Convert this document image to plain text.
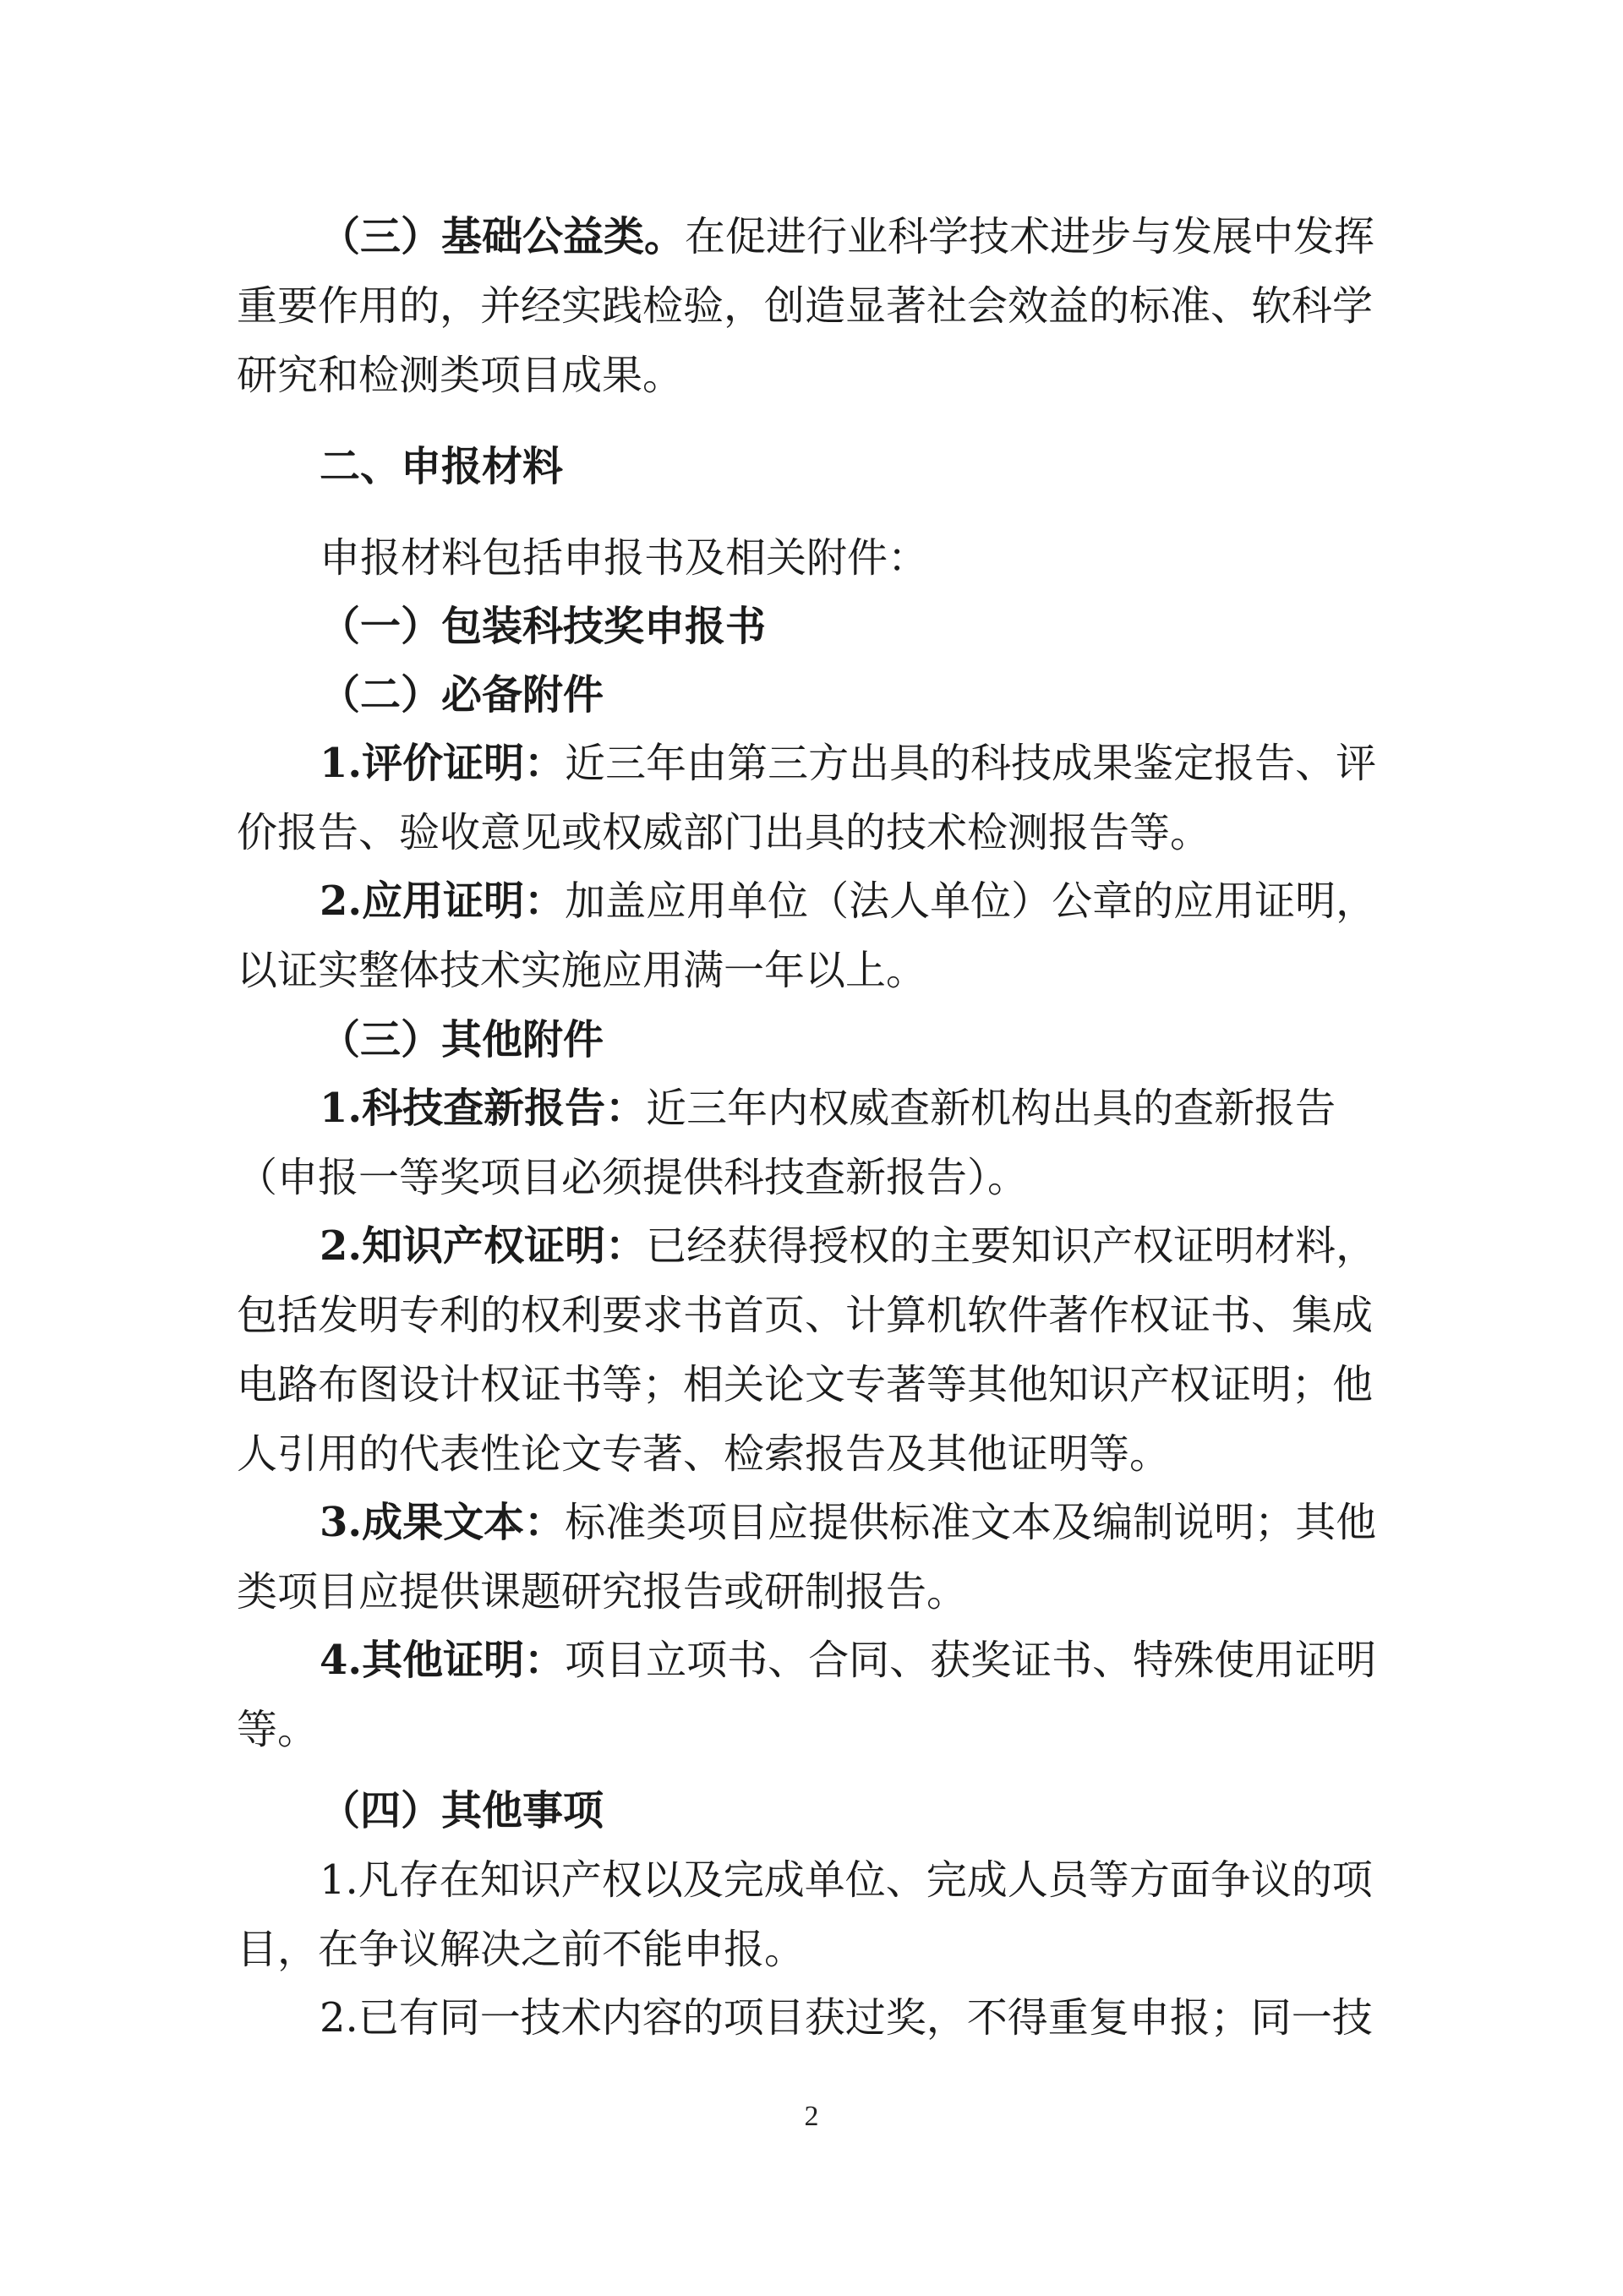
（三）基础公益类。在促进行业科学技术进步与发展中发挥
重要作用的，并经实践检验，创造显著社会效益的标准、软科学
研究和检测类项目成果。
二、申报材料
申报材料包括申报书及相关附件：
（一）包装科技奖申报书
（二）必备附件
1.评价证明：近三年由第三方出具的科技成果鉴定报告、评
价报告、验收意见或权威部门出具的技术检测报告等。
2.应用证明：加盖应用单位（法人单位）公章的应用证明，
以证实整体技术实施应用满一年以上。
（三）其他附件
1.科技查新报告：近三年内权威查新机构出具的查新报告
（申报一等奖项目必须提供科技查新报告）。
2.知识产权证明：已经获得授权的主要知识产权证明材料，
包括发明专利的权利要求书首页、计算机软件著作权证书、集成
电路布图设计权证书等；相关论文专著等其他知识产权证明；他
人引用的代表性论文专著、检索报告及其他证明等。
3.成果文本：标准类项目应提供标准文本及编制说明；其他
类项目应提供课题研究报告或研制报告。
4.其他证明：项目立项书、合同、获奖证书、特殊使用证明
等。
（四）其他事项
1.凡存在知识产权以及完成单位、完成人员等方面争议的项
目，在争议解决之前不能申报。
2.已有同一技术内容的项目获过奖，不得重复申报；同一技
2
